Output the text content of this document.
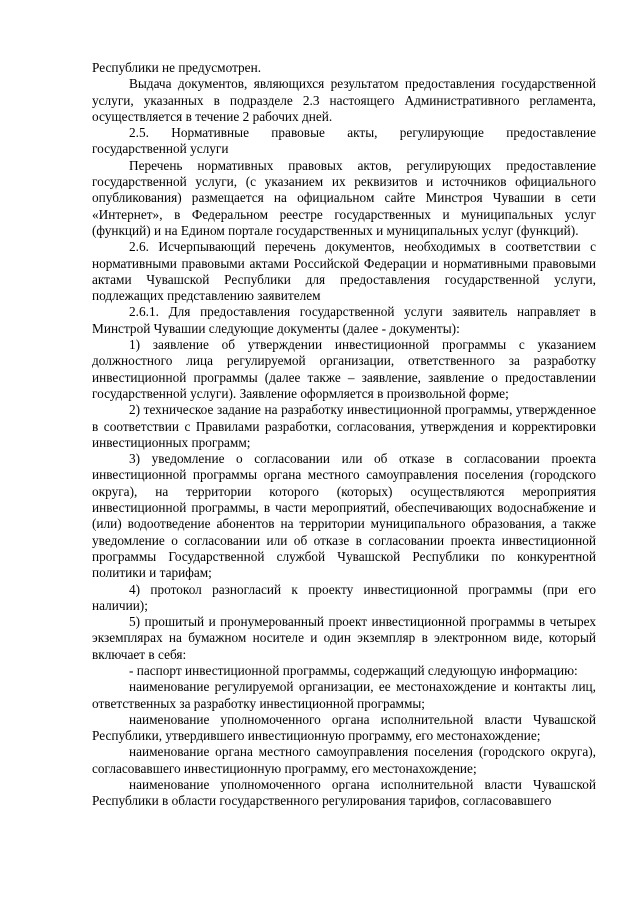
Республики не предусмотрен.

Выдача документов, являющихся результатом предоставления государственной услуги, указанных в подразделе 2.3 настоящего Административного регламента, осуществляется в течение 2 рабочих дней.

2.5. Нормативные правовые акты, регулирующие предоставление государственной услуги

Перечень нормативных правовых актов, регулирующих предоставление государственной услуги, (с указанием их реквизитов и источников официального опубликования) размещается на официальном сайте Минстроя Чувашии в сети «Интернет», в Федеральном реестре государственных и муниципальных услуг (функций) и на Едином портале государственных и муниципальных услуг (функций).

2.6. Исчерпывающий перечень документов, необходимых в соответствии с нормативными правовыми актами Российской Федерации и нормативными правовыми актами Чувашской Республики для предоставления государственной услуги, подлежащих представлению заявителем

2.6.1. Для предоставления государственной услуги заявитель направляет в Минстрой Чувашии следующие документы (далее - документы):

1) заявление об утверждении инвестиционной программы с указанием должностного лица регулируемой организации, ответственного за разработку инвестиционной программы (далее также – заявление, заявление о предоставлении государственной услуги). Заявление оформляется в произвольной форме;

2) техническое задание на разработку инвестиционной программы, утвержденное в соответствии с Правилами разработки, согласования, утверждения и корректировки инвестиционных программ;

3) уведомление о согласовании или об отказе в согласовании проекта инвестиционной программы органа местного самоуправления поселения (городского округа), на территории которого (которых) осуществляются мероприятия инвестиционной программы, в части мероприятий, обеспечивающих водоснабжение и (или) водоотведение абонентов на территории муниципального образования, а также уведомление о согласовании или об отказе в согласовании проекта инвестиционной программы Государственной службой Чувашской Республики по конкурентной политики и тарифам;

4) протокол разногласий к проекту инвестиционной программы (при его наличии);

5) прошитый и пронумерованный проект инвестиционной программы в четырех экземплярах на бумажном носителе и один экземпляр в электронном виде, который включает в себя:

- паспорт инвестиционной программы, содержащий следующую информацию:

наименование регулируемой организации, ее местонахождение и контакты лиц, ответственных за разработку инвестиционной программы;

наименование уполномоченного органа исполнительной власти Чувашской Республики, утвердившего инвестиционную программу, его местонахождение;

наименование органа местного самоуправления поселения (городского округа), согласовавшего инвестиционную программу, его местонахождение;

наименование уполномоченного органа исполнительной власти Чувашской Республики в области государственного регулирования тарифов, согласовавшего
